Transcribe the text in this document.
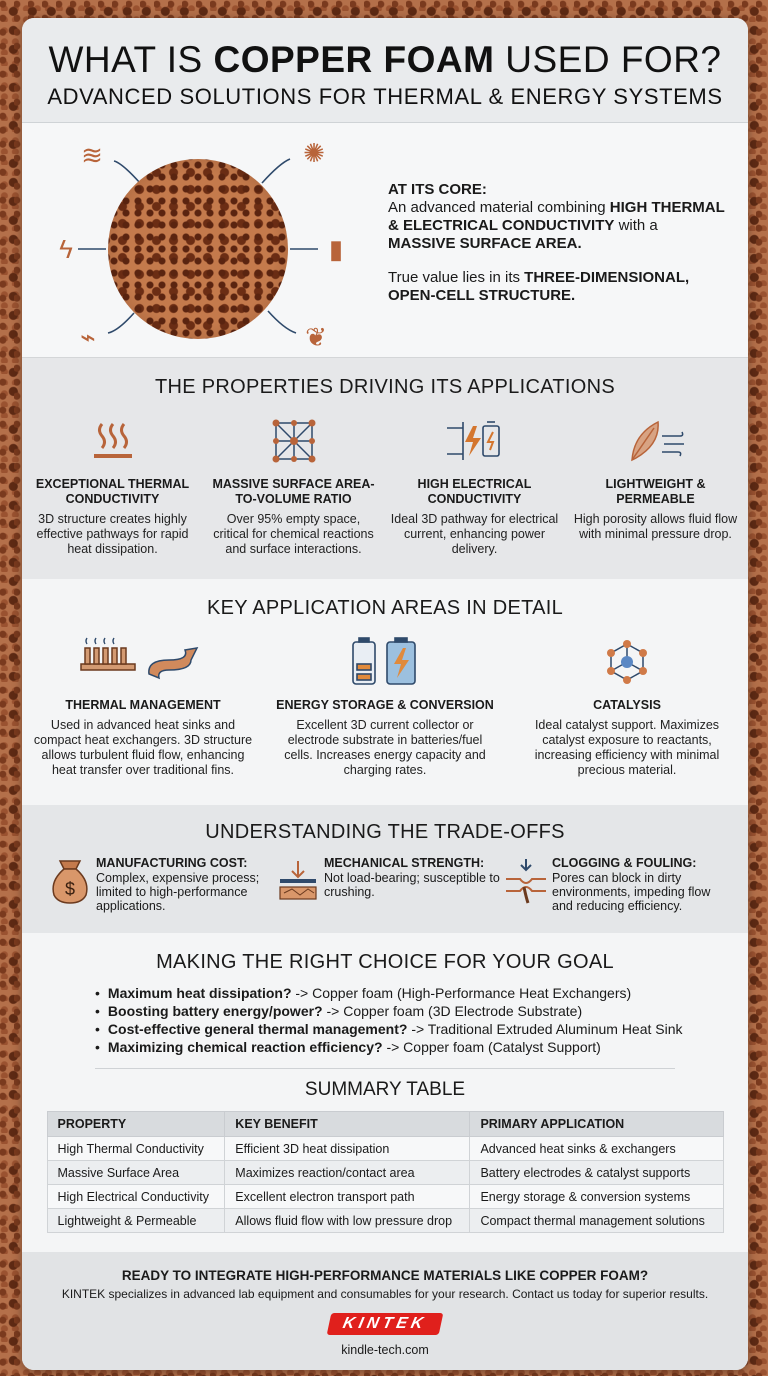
WHAT IS COPPER FOAM USED FOR?
ADVANCED SOLUTIONS FOR THERMAL & ENERGY SYSTEMS
≋	✺
ϟ	▮
⌁	❦

AT ITS CORE:

An advanced material combining HIGH THERMAL & ELECTRICAL CONDUCTIVITY with a MASSIVE SURFACE AREA.

True value lies in its THREE-DIMENSIONAL, OPEN-CELL STRUCTURE.

THE PROPERTIES DRIVING ITS APPLICATIONS
EXCEPTIONAL THERMAL CONDUCTIVITY
3D structure creates highly effective pathways for rapid heat dissipation.
MASSIVE SURFACE AREA-TO-VOLUME RATIO
Over 95% empty space, critical for chemical reactions and surface interactions.
HIGH ELECTRICAL CONDUCTIVITY
Ideal 3D pathway for electrical current, enhancing power delivery.
LIGHTWEIGHT & PERMEABLE
High porosity allows fluid flow with minimal pressure drop.
KEY APPLICATION AREAS IN DETAIL
THERMAL MANAGEMENT
Used in advanced heat sinks and compact heat exchangers. 3D structure allows turbulent fluid flow, enhancing heat transfer over traditional fins.
ENERGY STORAGE & CONVERSION
Excellent 3D current collector or electrode substrate in batteries/fuel cells. Increases energy capacity and charging rates.
CATALYSIS
Ideal catalyst support. Maximizes catalyst exposure to reactants, increasing efficiency with minimal precious material.
UNDERSTANDING THE TRADE-OFFS
$
MANUFACTURING COST:
Complex, expensive process; limited to high-performance applications.
MECHANICAL STRENGTH:
Not load-bearing; susceptible to crushing.
CLOGGING & FOULING:
Pores can block in dirty environments, impeding flow and reducing efficiency.
MAKING THE RIGHT CHOICE FOR YOUR GOAL
• Maximum heat dissipation? -> Copper foam (High-Performance Heat Exchangers)
• Boosting battery energy/power? -> Copper foam (3D Electrode Substrate)
• Cost-effective general thermal management? -> Traditional Extruded Aluminum Heat Sink
• Maximizing chemical reaction efficiency? -> Copper foam (Catalyst Support)
SUMMARY TABLE
PROPERTY	KEY BENEFIT	PRIMARY APPLICATION
High Thermal Conductivity	Efficient 3D heat dissipation	Advanced heat sinks & exchangers
Massive Surface Area	Maximizes reaction/contact area	Battery electrodes & catalyst supports
High Electrical Conductivity	Excellent electron transport path	Energy storage & conversion systems
Lightweight & Permeable	Allows fluid flow with low pressure drop	Compact thermal management solutions
READY TO INTEGRATE HIGH-PERFORMANCE MATERIALS LIKE COPPER FOAM?
KINTEK specializes in advanced lab equipment and consumables for your research. Contact us today for superior results.
KINTEK
kindle-tech.com
